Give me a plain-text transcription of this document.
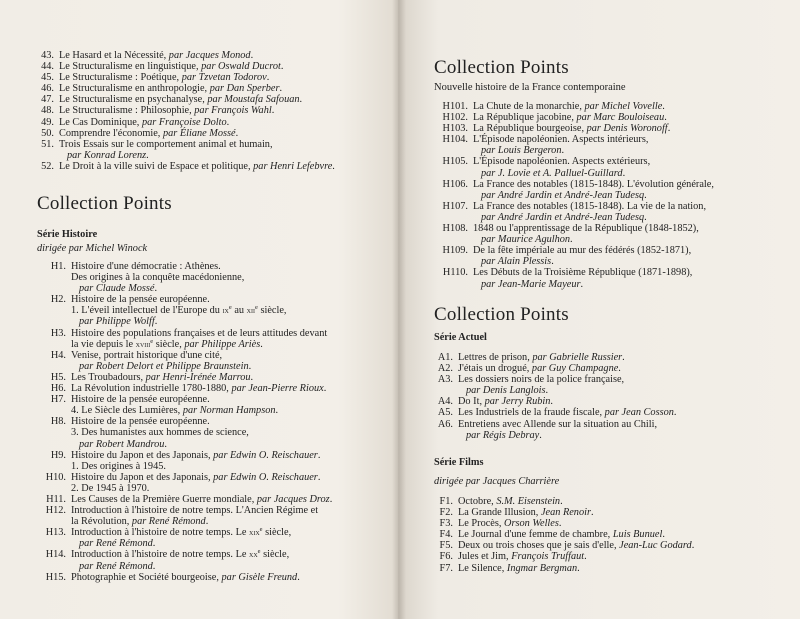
43. Le Hasard et la Nécessité, par Jacques Monod.
44. Le Structuralisme en linguistique, par Oswald Ducrot.
45. Le Structuralisme : Poétique, par Tzvetan Todorov.
46. Le Structuralisme en anthropologie, par Dan Sperber.
47. Le Structuralisme en psychanalyse, par Moustafa Safouan.
48. Le Structuralisme : Philosophie, par François Wahl.
49. Le Cas Dominique, par Françoise Dolto.
50. Comprendre l'économie, par Éliane Mossé.
51. Trois Essais sur le comportement animal et humain,
par Konrad Lorenz.
52. Le Droit à la ville suivi de Espace et politique, par Henri Lefebvre.
Collection Points
Série Histoire
dirigée par Michel Winock
H1. Histoire d'une démocratie : Athènes.
Des origines à la conquête macédonienne,
par Claude Mossé.
H2. Histoire de la pensée européenne.
1. L'éveil intellectuel de l'Europe du $ix^e$ au xii$^e$ siècle,
par Philippe Wolff.
H3. Histoire des populations françaises et de leurs attitudes devant
la vie depuis le xviii$^e$ siècle, par Philippe Ariès.
H4. Venise, portrait historique d'une cité,
par Robert Delort et Philippe Braunstein.
H5. Les Troubadours, par Henri-Irénée Marrou.
H6. La Révolution industrielle 1780-1880, par Jean-Pierre Rioux.
H7. Histoire de la pensée européenne.
4. Le Siècle des Lumières, par Norman Hampson.
H8. Histoire de la pensée européenne.
3. Des humanistes aux hommes de science,
par Robert Mandrou.
H9. Histoire du Japon et des Japonais, par Edwin O. Reischauer.
1. Des origines à 1945.
H10. Histoire du Japon et des Japonais, par Edwin O. Reischauer.
2. De 1945 à 1970.
H11. Les Causes de la Première Guerre mondiale, par Jacques Droz.
H12. Introduction à l'histoire de notre temps. L'Ancien Régime et
la Révolution, par René Rémond.
H13. Introduction à l'histoire de notre temps. Le xix$^e$ siècle,
par René Rémond.
H14. Introduction à l'histoire de notre temps. Le $xx^e$ siècle,
par René Rémond.
H15. Photographie et Société bourgeoise, par Gisèle Freund.
Collection Points
Nouvelle histoire de la France contemporaine
H101. La Chute de la monarchie, par Michel Vovelle.
H102. La République jacobine, par Marc Bouloiseau.
H103. La République bourgeoise, par Denis Woronoff.
H104. L'Épisode napoléonien. Aspects intérieurs,
par Louis Bergeron.
H105. L'Épisode napoléonien. Aspects extérieurs,
par J. Lovie et A. Palluel-Guillard.
H106. La France des notables (1815-1848). L'évolution générale,
par André Jardin et André-Jean Tudesq.
H107. La France des notables (1815-1848). La vie de la nation,
par André Jardin et André-Jean Tudesq.
H108. 1848 ou l'apprentissage de la République (1848-1852),
par Maurice Agulhon.
H109. De la fête impériale au mur des fédérés (1852-1871),
par Alain Plessis.
H110. Les Débuts de la Troisième République (1871-1898),
par Jean-Marie Mayeur.
Collection Points
Série Actuel
A1. Lettres de prison, par Gabrielle Russier.
A2. J'étais un drogué, par Guy Champagne.
A3. Les dossiers noirs de la police française,
par Denis Langlois.
A4. Do It, par Jerry Rubin.
A5. Les Industriels de la fraude fiscale, par Jean Cosson.
A6. Entretiens avec Allende sur la situation au Chili,
par Régis Debray.
Série Films
dirigée par Jacques Charrière
F1. Octobre, S.M. Eisenstein.
F2. La Grande Illusion, Jean Renoir.
F3. Le Procès, Orson Welles.
F4. Le Journal d'une femme de chambre, Luis Bunuel.
F5. Deux ou trois choses que je sais d'elle, Jean-Luc Godard.
F6. Jules et Jim, François Truffaut.
F7. Le Silence, Ingmar Bergman.
